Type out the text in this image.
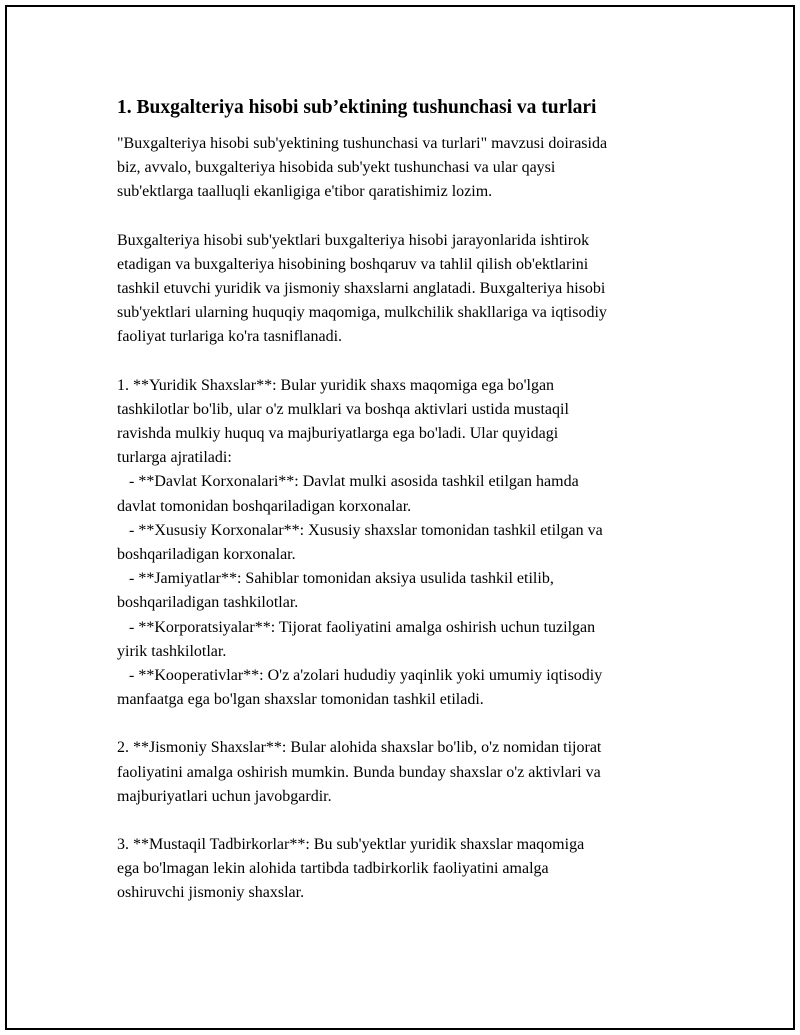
1. Buxgalteriya hisobi sub’ektining tushunchasi va turlari

"Buxgalteriya hisobi sub'yektining tushunchasi va turlari" mavzusi doirasida
biz, avvalo, buxgalteriya hisobida sub'yekt tushunchasi va ular qaysi
sub'ektlarga taalluqli ekanligiga e'tibor qaratishimiz lozim.

Buxgalteriya hisobi sub'yektlari buxgalteriya hisobi jarayonlarida ishtirok
etadigan va buxgalteriya hisobining boshqaruv va tahlil qilish ob'ektlarini
tashkil etuvchi yuridik va jismoniy shaxslarni anglatadi. Buxgalteriya hisobi
sub'yektlari ularning huquqiy maqomiga, mulkchilik shakllariga va iqtisodiy
faoliyat turlariga ko'ra tasniflanadi.

1. **Yuridik Shaxslar**: Bular yuridik shaxs maqomiga ega bo'lgan
tashkilotlar bo'lib, ular o'z mulklari va boshqa aktivlari ustida mustaqil
ravishda mulkiy huquq va majburiyatlarga ega bo'ladi. Ular quyidagi
turlarga ajratiladi:
- **Davlat Korxonalari**: Davlat mulki asosida tashkil etilgan hamda
davlat tomonidan boshqariladigan korxonalar.
- **Xususiy Korxonalar**: Xususiy shaxslar tomonidan tashkil etilgan va
boshqariladigan korxonalar.
- **Jamiyatlar**: Sahiblar tomonidan aksiya usulida tashkil etilib,
boshqariladigan tashkilotlar.
- **Korporatsiyalar**: Tijorat faoliyatini amalga oshirish uchun tuzilgan
yirik tashkilotlar.
- **Kooperativlar**: O'z a'zolari hududiy yaqinlik yoki umumiy iqtisodiy
manfaatga ega bo'lgan shaxslar tomonidan tashkil etiladi.

2. **Jismoniy Shaxslar**: Bular alohida shaxslar bo'lib, o'z nomidan tijorat
faoliyatini amalga oshirish mumkin. Bunda bunday shaxslar o'z aktivlari va
majburiyatlari uchun javobgardir.

3. **Mustaqil Tadbirkorlar**: Bu sub'yektlar yuridik shaxslar maqomiga
ega bo'lmagan lekin alohida tartibda tadbirkorlik faoliyatini amalga
oshiruvchi jismoniy shaxslar.
